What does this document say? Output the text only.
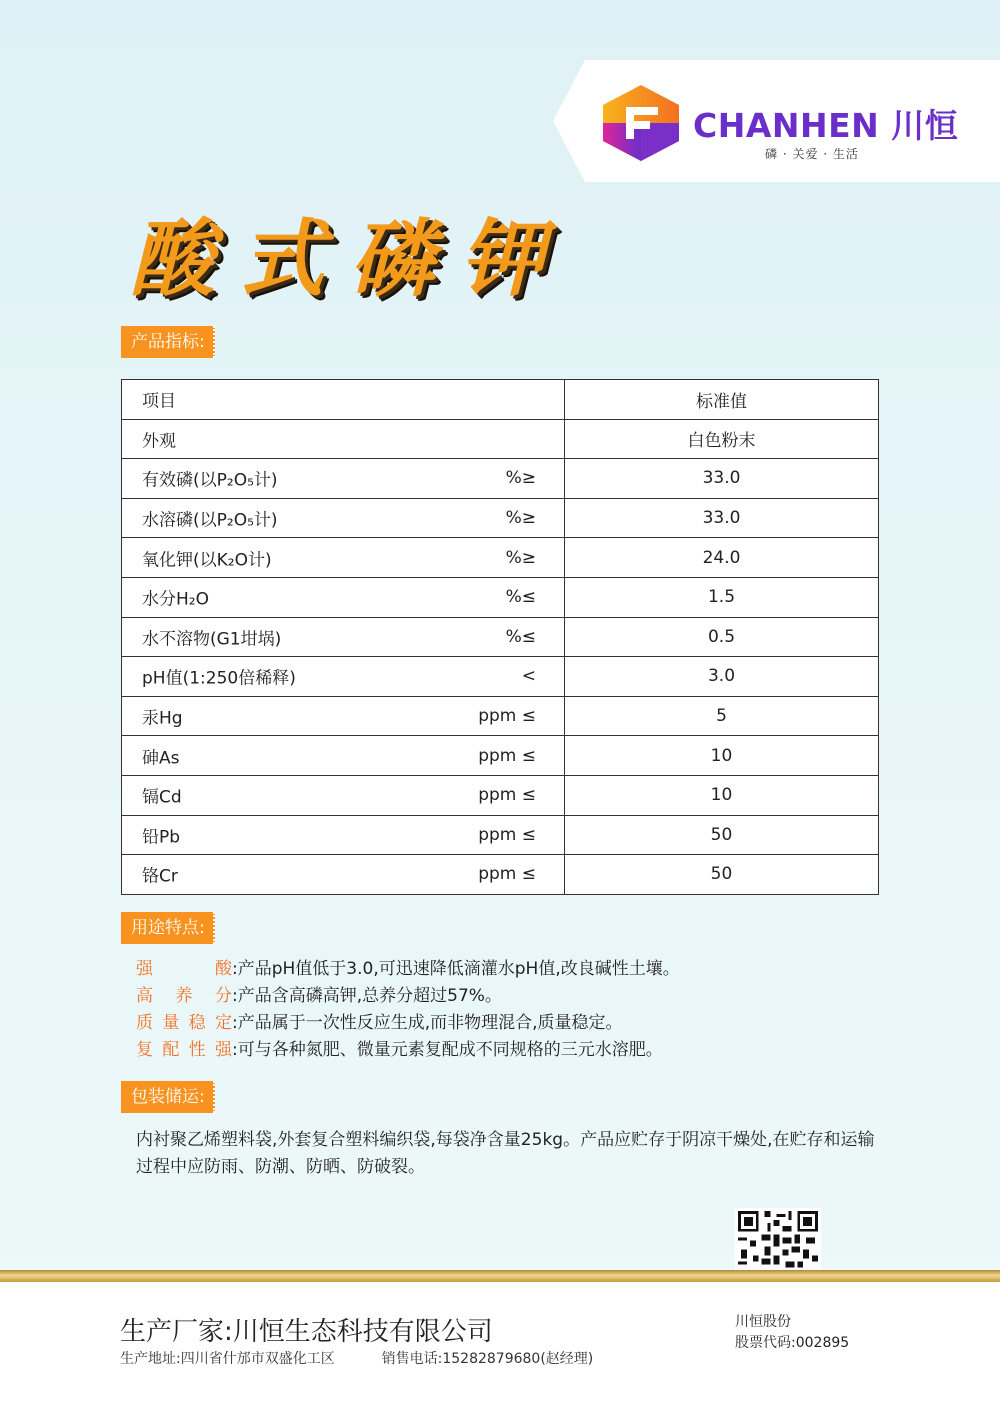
CHANHEN 川恒
磷 · 关爱 · 生活
酸式磷钾
产品指标:
项目	标准值

外观	白色粉末

有效磷(以P₂O₅计) %≥	33.0

水溶磷(以P₂O₅计) %≥	33.0

氧化钾(以K₂O计) %≥	24.0

水分H₂O %≤	1.5

水不溶物(G1坩埚) %≤	0.5

pH值(1:250倍稀释) <	3.0

汞Hg ppm ≤	5

砷As ppm ≤	10

镉Cd ppm ≤	10

铅Pb ppm ≤	50

铬Cr ppm ≤	50
用途特点:
强酸:产品pH值低于3.0,可迅速降低滴灌水pH值,改良碱性土壤。
高养分:产品含高磷高钾,总养分超过57%。
质量稳定:产品属于一次性反应生成,而非物理混合,质量稳定。
复配性强:可与各种氮肥、微量元素复配成不同规格的三元水溶肥。
包装储运:
内衬聚乙烯塑料袋,外套复合塑料编织袋,每袋净含量25kg。产品应贮存于阴凉干燥处,在贮存和运输过程中应防雨、防潮、防晒、防破裂。
生产厂家:川恒生态科技有限公司
生产地址:四川省什邡市双盛化工区	销售电话:15282879680(赵经理)
川恒股份
股票代码:002895
